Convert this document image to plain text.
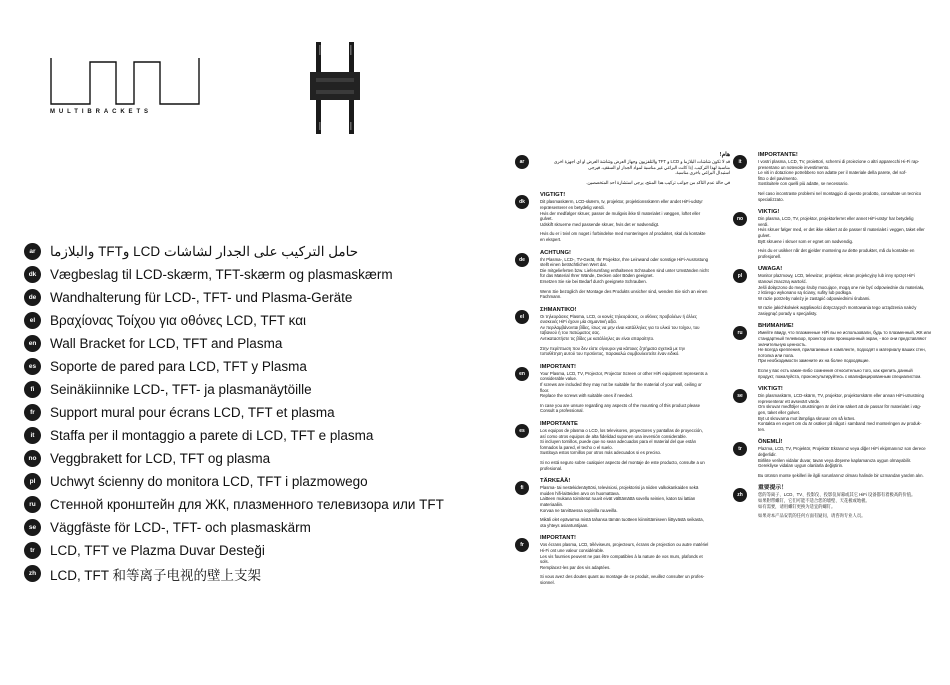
MULTIBRACKETS
ar	حامل التركيب على الجدار لشاشات LCD وTFT والبلازما
dk	Vægbeslag til LCD-skærm, TFT-skærm og plasmaskærm
de	Wandhalterung für LCD-, TFT- und Plasma-Geräte
el	Βραχίονας Τοίχου για οθόνες LCD, TFT και
en	Wall Bracket for LCD, TFT and Plasma
es	Soporte de pared para LCD, TFT y Plasma
fi	Seinäkiinnike LCD-, TFT- ja plasmanäytöille
fr	Support mural pour écrans LCD, TFT et plasma
it	Staffa per il montaggio a parete di LCD, TFT e plasma
no	Veggbrakett for LCD, TFT og plasma
pl	Uchwyt ścienny do monitora LCD, TFT i plazmowego
ru	Стенной кронштейн для ЖК, плазменного телевизора или TFT
se	Väggfäste för LCD-, TFT- och plasmaskärm
tr	LCD, TFT ve Plazma Duvar Desteği
zh	LCD, TFT 和等离子电视的壁上支架
ar
هام!
قد لا تكون شاشات البلازما و LCD و TFT والتلفزيون وجهاز العرض وشاشة العرض أو أي أجهزة أخرى
مناسبة لهذا التركيب. إذا كانت البراغي غير مناسبة لمواد الجدار أو السقف، فيرجى
استبدال البراغي بأخرى مناسبة.
في حالة عدم التأكد من جوانب تركيب هذا المنتج، يرجى استشارة أحد المتخصصين.
dk
VIGTIGT!
Dit plasmaskærm, LCD-skærm, tv, projektor, projektionsskærm eller andet HiFi-udstyr
repræsenterer en betydelig værdi.
Hvis der medfølger skruer, passer de muligvis ikke til materialet i væggen, loftet eller
gulvet.
Udskift skruerne med passende skruer, hvis det er nødvendigt.
Hvis du er i tvivl om noget i forbindelse med monteringen af produktet, skal du kontakte
en ekspert.
de
ACHTUNG!
Ihr Plasma-, LCD-, TV-Gerät, Ihr Projektor, Ihre Leinwand oder sonstige HiFi-Ausrüstung
stellt einen beträchtlichen Wert dar.
Die mitgelieferten bzw. Lieferumfang enthaltenen Schrauben sind unter Umständen nicht
für das Material Ihrer Wände, Decken oder Böden geeignet.
Ersetzen Sie sie bei Bedarf durch geeignete Schrauben.
Wenn Sie bezüglich der Montage des Produkts unsicher sind, wenden Sie sich an einen
Fachmann.
el
ΣΗΜΑΝΤΙΚΟ!
Οι τηλεοράσεις Plasma, LCD, οι κοινές τηλεοράσεις, οι οθόνες προβολέων ή άλλες
συσκευές HiFi έχουν μία σημαντική αξία.
Αν περιλαμβάνονται βίδες, ίσως να μην είναι κατάλληλες για το υλικό του τοίχου, του
ταβανιού ή του πατώματος σας.
Αντικαταστήστε τις βίδες με κατάλληλες αν είναι απαραίτητο.
Στην περίπτωση που δεν είστε σίγουροι για κάποιες ζητήματα σχετικά με την
τοποθέτηση αυτού του προϊόντος, παρακαλώ συμβουλευτείτε έναν ειδικό.
en
IMPORTANT!
Your Plasma, LCD, TV, Projector, Projector Screen or other HiFi equipment represents a
considerable value.
If screws are included they may not be suitable for the material of your wall, ceiling or
floor.
Replace the screws with suitable ones if needed.
In case you are unsure regarding any aspects of the mounting of this product please
Consult a professional.
es
IMPORTANTE
Los equipos de plasma o LCD, los televisores, proyectores y pantallas de proyección,
así como otros equipos de alta fidelidad suponen una inversión considerable.
Si incluyen tornillos, puede que no sean adecuados para el material del que están
formados la pared, el techo o el suelo.
Sustituya estos tornillos por otros más adecuados si es preciso.
Si no está seguro sobre cualquier aspecto del montaje de este producto, consulte a un
profesional.
fi
TÄRKEÄÄ!
Plasma- tai nestekidenäyttösi, televisiosi, projektorisi ja niiden valkokankaiden sekä
muiden hifi-laitteiden arvo on huomattava.
Laitteen mukana toimitetut ruuvit eivät välttämättä sovellu seinien, katon tai lattian
materiaaliin.
Korvaa ne tarvittaessa sopivilla ruuveilla.
Mikäli olet epävarma mistä tahansa tämän tuotteen kiinnittämiseen liittyvästä seikasta,
ota yhteys asiantuntijaan.
fr
IMPORTANT!
Vos écrans plasma, LCD, téléviseurs, projecteurs, écrans de projection ou autre matériel
Hi-Fi ont une valeur considérable.
Les vis fournies peuvent ne pas être compatibles à la nature de vos murs, plafonds et
sols.
Remplacez-les par des vis adaptées.
Si vous avez des doutes quant au montage de ce produit, veuillez consulter un profes-
sionnel.
it
IMPORTANTE!
I vostri plasma, LCD, TV, proiettori, schermi di proiezione o altri apparecchi Hi-Fi rap-
presentano un notevole investimento.
Le viti in dotazione potrebbero non adatte per il materiale della parete, del sof-
fitto o del pavimento.
Sostituitele con quelli più adatte, se necessario.
Nel caso incontraste problemi nel montaggio di questo prodotto, consultate un tecnico
specializzato.
no
VIKTIG!
Din plasma, LCD, TV, projektor, projektorlerret eller annet HiFi-utstyr har betydelig
verdi.
Hvis skruer følger med, er det ikke sikkert at de passer til materialet i veggen, taket eller
gulvet.
Bytt skruene i skruer som er egnet om nødvendig.
Hvis du er usikker når det gjelder montering av dette produktet, må du kontakte en
profesjonell.
pl
UWAGA!
Monitor plazmowy, LCD, telewizor, projektor, ekran projekcyjny lub inny sprzęt HiFi
stanowi znaczną wartość.
Jeśli dołączono do mego śruby mocujące, mogą one nie być odpowiednie do materiału,
z którego wykonano są ściany, sufity lub podłoga.
W razie potrzeby należy je zastąpić odpowiednimi śrubami.
W razie jakichkolwiek wątpliwości dotyczących montowania tego urządzenia należy
zasięgnąć porady u specjalisty.
ru
ВНИМАНИЕ!
Имейте ввиду, что плазменные HiFi вы не использовали, будь то плазменный, ЖК или
стандартный телевизор, проектор или проекционный экран, - все они представляют
значительную ценность.
Не всегда крепления, прилагаемые в комплекте, подходят к материалу ваших стен,
потолка или пола.
При необходимости замените их на более подходящие.
Если у вас есть какие-либо сомнения относительно того, как крепить данный
продукт, пожалуйста, проконсультируйтесь с квалифицированным специалистом.
se
VIKTIGT!
Din plasmaskärm, LCD-skärm, TV, projektor, projektorskärm eller annan HiFi-utrustning
representerar ett avsevärt värde.
Om skruvar medföljer utrustningen är det inte säkert att de passar för materialet i väg-
gen, taket eller golvet.
Byt ut skruvarna mot lämpliga skruvar om så krävs.
Kontakta en expert om du är osäker på något i samband med monteringen av produk-
ten.
tr
ÖNEMLİ!
Plazma, LCD, TV, Projektör, Projektör Ekranınız veya diğer HiFi ekipmanınız son derece
değerlidir.
Birlikte verilen vidalar duvar, tavan veya döşeme kaplamanıza uygun olmayabilir.
Gerekliyse vidaları uygun olanlarla değiştirin.
Bu ürünün monte şekilleri ile ilgili sorunlarınız olması halinde bir uzmandan yardım alın.
zh
重要提示！
您的等离子、LCD、TV、投影仪、投影仪屏幕或其它 HiFi 设备都有着极高的价值。
如果附带螺钉，它们可能不适合您的墙壁、天花板或地板。
如有需要，请用螺钉更换为适宜的螺钉。
如果对本产品安装的任何方面有疑问，请咨询专业人员。
